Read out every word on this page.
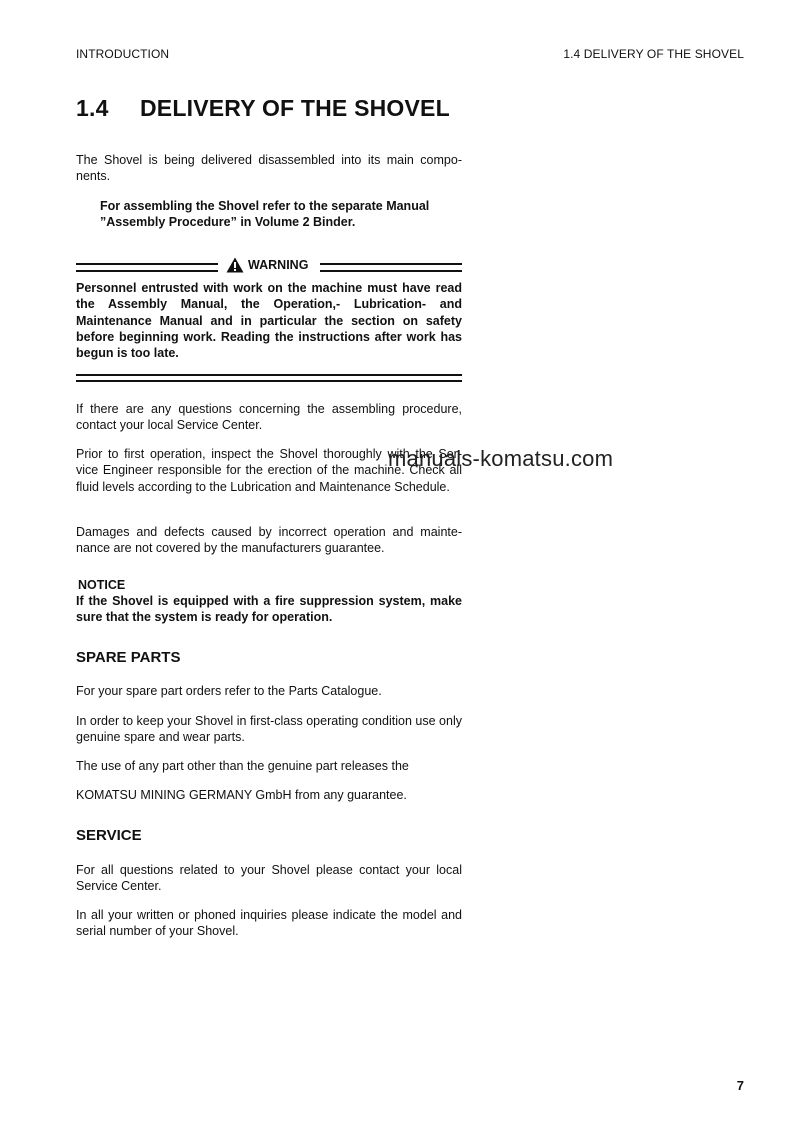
INTRODUCTION	1.4 DELIVERY OF THE SHOVEL
1.4 DELIVERY OF THE SHOVEL
The Shovel is being delivered disassembled into its main compo-nents.
For assembling the Shovel refer to the separate Manual ”Assembly Procedure” in Volume 2 Binder.
WARNING
Personnel entrusted with work on the machine must have read the Assembly Manual, the Operation,- Lubrication- and Maintenance Manual and in particular the section on safety before beginning work. Reading the instructions after work has begun is too late.
If there are any questions concerning the assembling procedure, contact your local Service Center.
Prior to first operation, inspect the Shovel thoroughly with the Ser-vice Engineer responsible for the erection of the machine. Check all fluid levels according to the Lubrication and Maintenance Schedule.
Damages and defects caused by incorrect operation and mainte-nance are not covered by the manufacturers guarantee.
NOTICE
If the Shovel is equipped with a fire suppression system, make sure that the system is ready for operation.
SPARE PARTS
For your spare part orders refer to the Parts Catalogue.
In order to keep your Shovel in first-class operating condition use only genuine spare and wear parts.
The use of any part other than the genuine part releases the
KOMATSU MINING GERMANY GmbH from any guarantee.
SERVICE
For all questions related to your Shovel please contact your local Service Center.
In all your written or phoned inquiries please indicate the model and serial number of your Shovel.
manuals-komatsu.com
7
